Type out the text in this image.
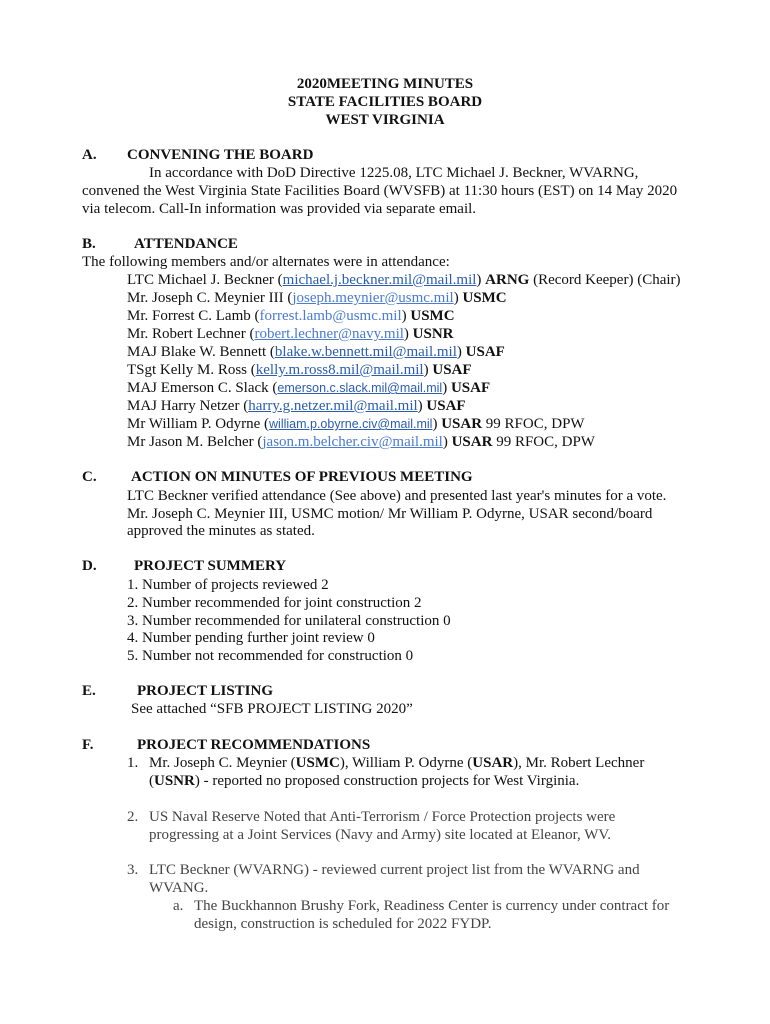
2020MEETING MINUTES
STATE FACILITIES BOARD
WEST VIRGINIA
A. CONVENING THE BOARD
In accordance with DoD Directive 1225.08, LTC Michael J. Beckner, WVARNG,
convened the West Virginia State Facilities Board (WVSFB) at 11:30 hours (EST) on 14 May 2020
via telecom. Call-In information was provided via separate email.
B.	ATTENDANCE
The following members and/or alternates were in attendance:
LTC Michael J. Beckner (michael.j.beckner.mil@mail.mil) ARNG (Record Keeper) (Chair)
Mr. Joseph C. Meynier III (joseph.meynier@usmc.mil) USMC
Mr. Forrest C. Lamb (forrest.lamb@usmc.mil) USMC
Mr. Robert Lechner (robert.lechner@navy.mil) USNR
MAJ Blake W. Bennett (blake.w.bennett.mil@mail.mil) USAF
TSgt Kelly M. Ross (kelly.m.ross8.mil@mail.mil) USAF
MAJ Emerson C. Slack (emerson.c.slack.mil@mail.mil) USAF
MAJ Harry Netzer (harry.g.netzer.mil@mail.mil) USAF
Mr William P. Odyrne (william.p.obyrne.civ@mail.mil) USAR 99 RFOC, DPW
Mr Jason M. Belcher (jason.m.belcher.civ@mail.mil) USAR 99 RFOC, DPW
C. ACTION ON MINUTES OF PREVIOUS MEETING
LTC Beckner verified attendance (See above) and presented last year's minutes for a vote.
Mr. Joseph C. Meynier III, USMC motion/ Mr William P. Odyrne, USAR second/board
approved the minutes as stated.
D. PROJECT SUMMERY
1. Number of projects reviewed 2
2. Number recommended for joint construction 2
3. Number recommended for unilateral construction 0
4. Number pending further joint review 0
5. Number not recommended for construction 0
E.	PROJECT LISTING
See attached “SFB PROJECT LISTING 2020”
F.	PROJECT RECOMMENDATIONS
1. Mr. Joseph C. Meynier (USMC), William P. Odyrne (USAR), Mr. Robert Lechner
(USNR) - reported no proposed construction projects for West Virginia.
2. US Naval Reserve Noted that Anti-Terrorism / Force Protection projects were
progressing at a Joint Services (Navy and Army) site located at Eleanor, WV.
3. LTC Beckner (WVARNG) - reviewed current project list from the WVARNG and
WVANG.
a. The Buckhannon Brushy Fork, Readiness Center is currency under contract for
design, construction is scheduled for 2022 FYDP.
